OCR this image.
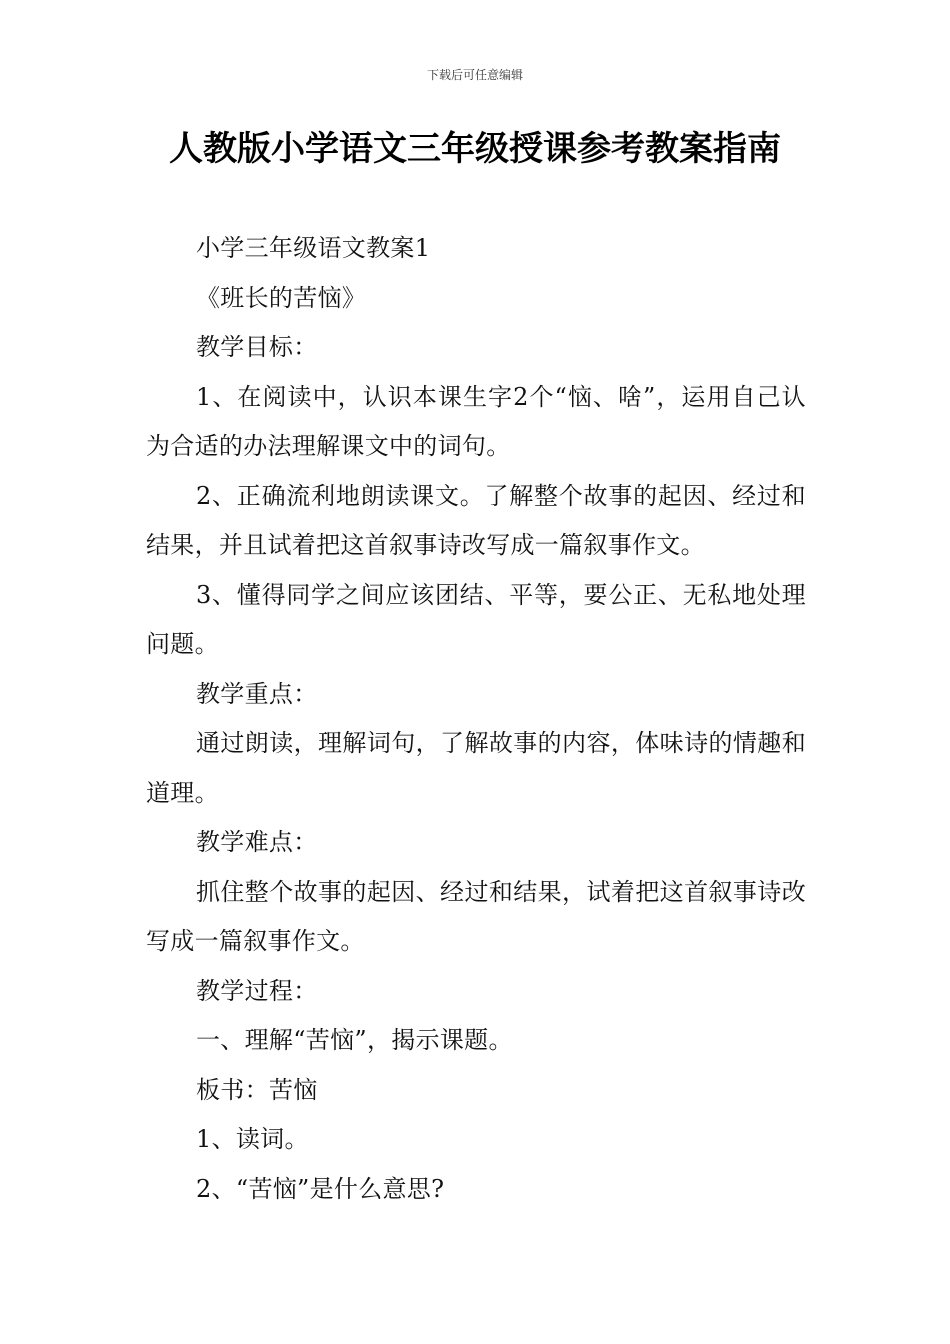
下载后可任意编辑
人教版小学语文三年级授课参考教案指南

小学三年级语文教案1

《班长的苦恼》

教学目标：

1、在阅读中，认识本课生字2个“恼、啥”，运用自己认为合适的办法理解课文中的词句。

2、正确流利地朗读课文。了解整个故事的起因、经过和结果，并且试着把这首叙事诗改写成一篇叙事作文。

3、懂得同学之间应该团结、平等，要公正、无私地处理问题。

教学重点：

通过朗读，理解词句，了解故事的内容，体味诗的情趣和道理。

教学难点：

抓住整个故事的起因、经过和结果，试着把这首叙事诗改写成一篇叙事作文。

教学过程：

一、理解“苦恼”，揭示课题。

板书：苦恼

1、读词。

2、“苦恼”是什么意思?
